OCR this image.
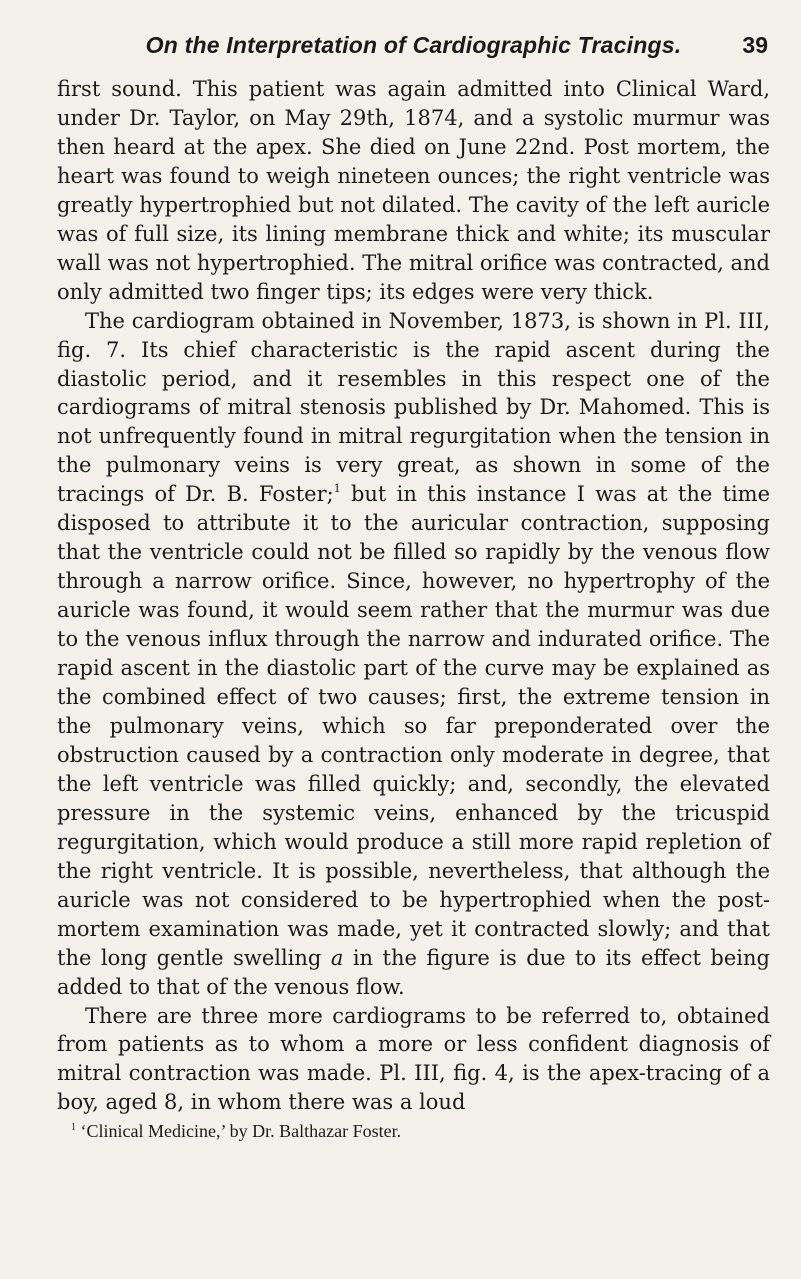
On the Interpretation of Cardiographic Tracings.	39

first sound. This patient was again admitted into Clinical Ward, under Dr. Taylor, on May 29th, 1874, and a systolic murmur was then heard at the apex. She died on June 22nd. Post mortem, the heart was found to weigh nineteen ounces; the right ventricle was greatly hypertrophied but not dilated. The cavity of the left auricle was of full size, its lining membrane thick and white; its muscular wall was not hypertrophied. The mitral orifice was contracted, and only admitted two finger tips; its edges were very thick.

The cardiogram obtained in November, 1873, is shown in Pl. III, fig. 7. Its chief characteristic is the rapid ascent during the diastolic period, and it resembles in this respect one of the cardiograms of mitral stenosis published by Dr. Mahomed. This is not unfrequently found in mitral regurgitation when the tension in the pulmonary veins is very great, as shown in some of the tracings of Dr. B. Foster;$^1$ but in this instance I was at the time disposed to attribute it to the auricular contraction, supposing that the ventricle could not be filled so rapidly by the venous flow through a narrow orifice. Since, however, no hypertrophy of the auricle was found, it would seem rather that the murmur was due to the venous influx through the narrow and indurated orifice. The rapid ascent in the diastolic part of the curve may be explained as the combined effect of two causes; first, the extreme tension in the pulmonary veins, which so far preponderated over the obstruction caused by a contraction only moderate in degree, that the left ventricle was filled quickly; and, secondly, the elevated pressure in the systemic veins, enhanced by the tricuspid regurgitation, which would produce a still more rapid repletion of the right ventricle. It is possible, nevertheless, that although the auricle was not considered to be hypertrophied when the post-mortem examination was made, yet it contracted slowly; and that the long gentle swelling a in the figure is due to its effect being added to that of the venous flow.

There are three more cardiograms to be referred to, obtained from patients as to whom a more or less confident diagnosis of mitral contraction was made. Pl. III, fig. 4, is the apex-tracing of a boy, aged 8, in whom there was a loud

$^1$ ‘Clinical Medicine,’ by Dr. Balthazar Foster.
